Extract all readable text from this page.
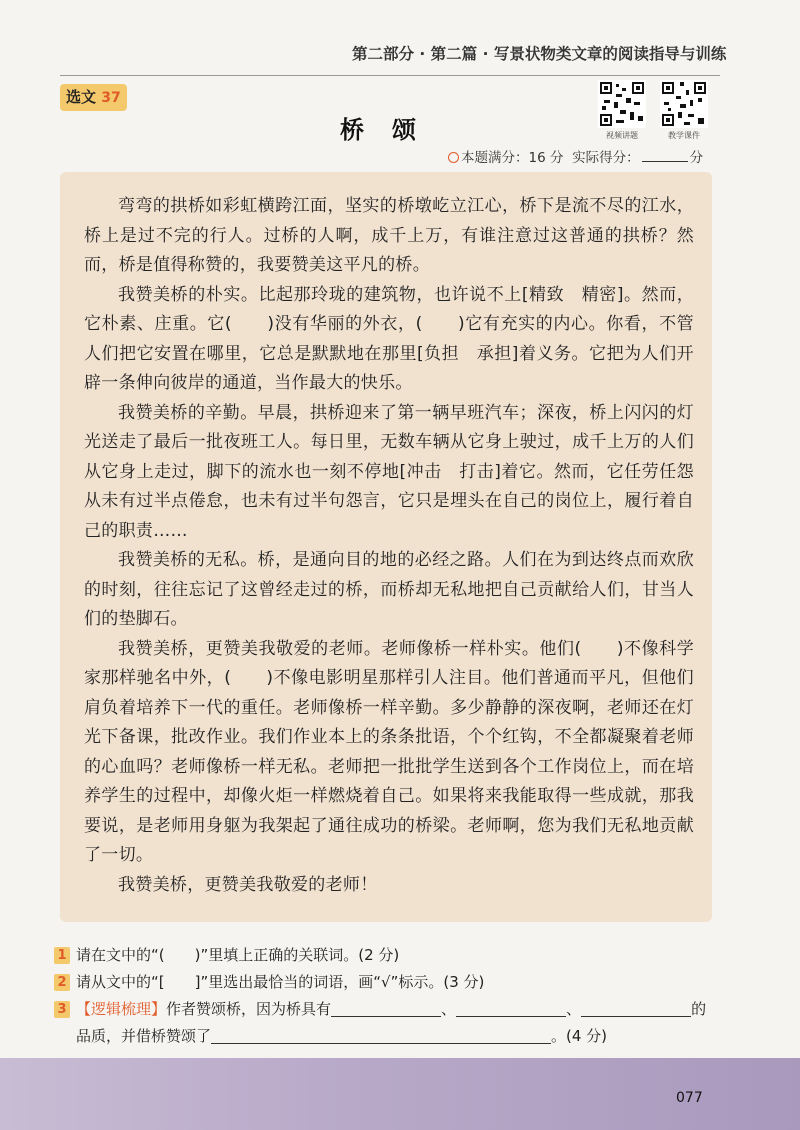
第二部分 · 第二篇 · 写景状物类文章的阅读指导与训练
选文 37
视频讲题	教学课件
桥颂
本题满分：16 分 实际得分：	分

弯弯的拱桥如彩虹横跨江面，坚实的桥墩屹立江心，桥下是流不尽的江水，桥上是过不完的行人。过桥的人啊，成千上万，有谁注意过这普通的拱桥？然而，桥是值得称赞的，我要赞美这平凡的桥。

我赞美桥的朴实。比起那玲珑的建筑物，也许说不上[精致　精密]。然而，它朴素、庄重。它(　　)没有华丽的外衣，(　　)它有充实的内心。你看，不管人们把它安置在哪里，它总是默默地在那里[负担　承担]着义务。它把为人们开辟一条伸向彼岸的通道，当作最大的快乐。

我赞美桥的辛勤。早晨，拱桥迎来了第一辆早班汽车；深夜，桥上闪闪的灯光送走了最后一批夜班工人。每日里，无数车辆从它身上驶过，成千上万的人们从它身上走过，脚下的流水也一刻不停地[冲击　打击]着它。然而，它任劳任怨从未有过半点倦怠，也未有过半句怨言，它只是埋头在自己的岗位上，履行着自己的职责……

我赞美桥的无私。桥，是通向目的地的必经之路。人们在为到达终点而欢欣的时刻，往往忘记了这曾经走过的桥，而桥却无私地把自己贡献给人们，甘当人们的垫脚石。

我赞美桥，更赞美我敬爱的老师。老师像桥一样朴实。他们(　　)不像科学家那样驰名中外，(　　)不像电影明星那样引人注目。他们普通而平凡，但他们肩负着培养下一代的重任。老师像桥一样辛勤。多少静静的深夜啊，老师还在灯光下备课，批改作业。我们作业本上的条条批语，个个红钩，不全都凝聚着老师的心血吗？老师像桥一样无私。老师把一批批学生送到各个工作岗位上，而在培养学生的过程中，却像火炬一样燃烧着自己。如果将来我能取得一些成就，那我要说，是老师用身躯为我架起了通往成功的桥梁。老师啊，您为我们无私地贡献了一切。

我赞美桥，更赞美我敬爱的老师！

1 请在文中的“(　　)”里填上正确的关联词。(2 分)
2 请从文中的“[　　]”里选出最恰当的词语，画“√”标示。(3 分)
3 【逻辑梳理】作者赞颂桥，因为桥具有	、	、	的
品质，并借桥赞颂了	。(4 分)
077
